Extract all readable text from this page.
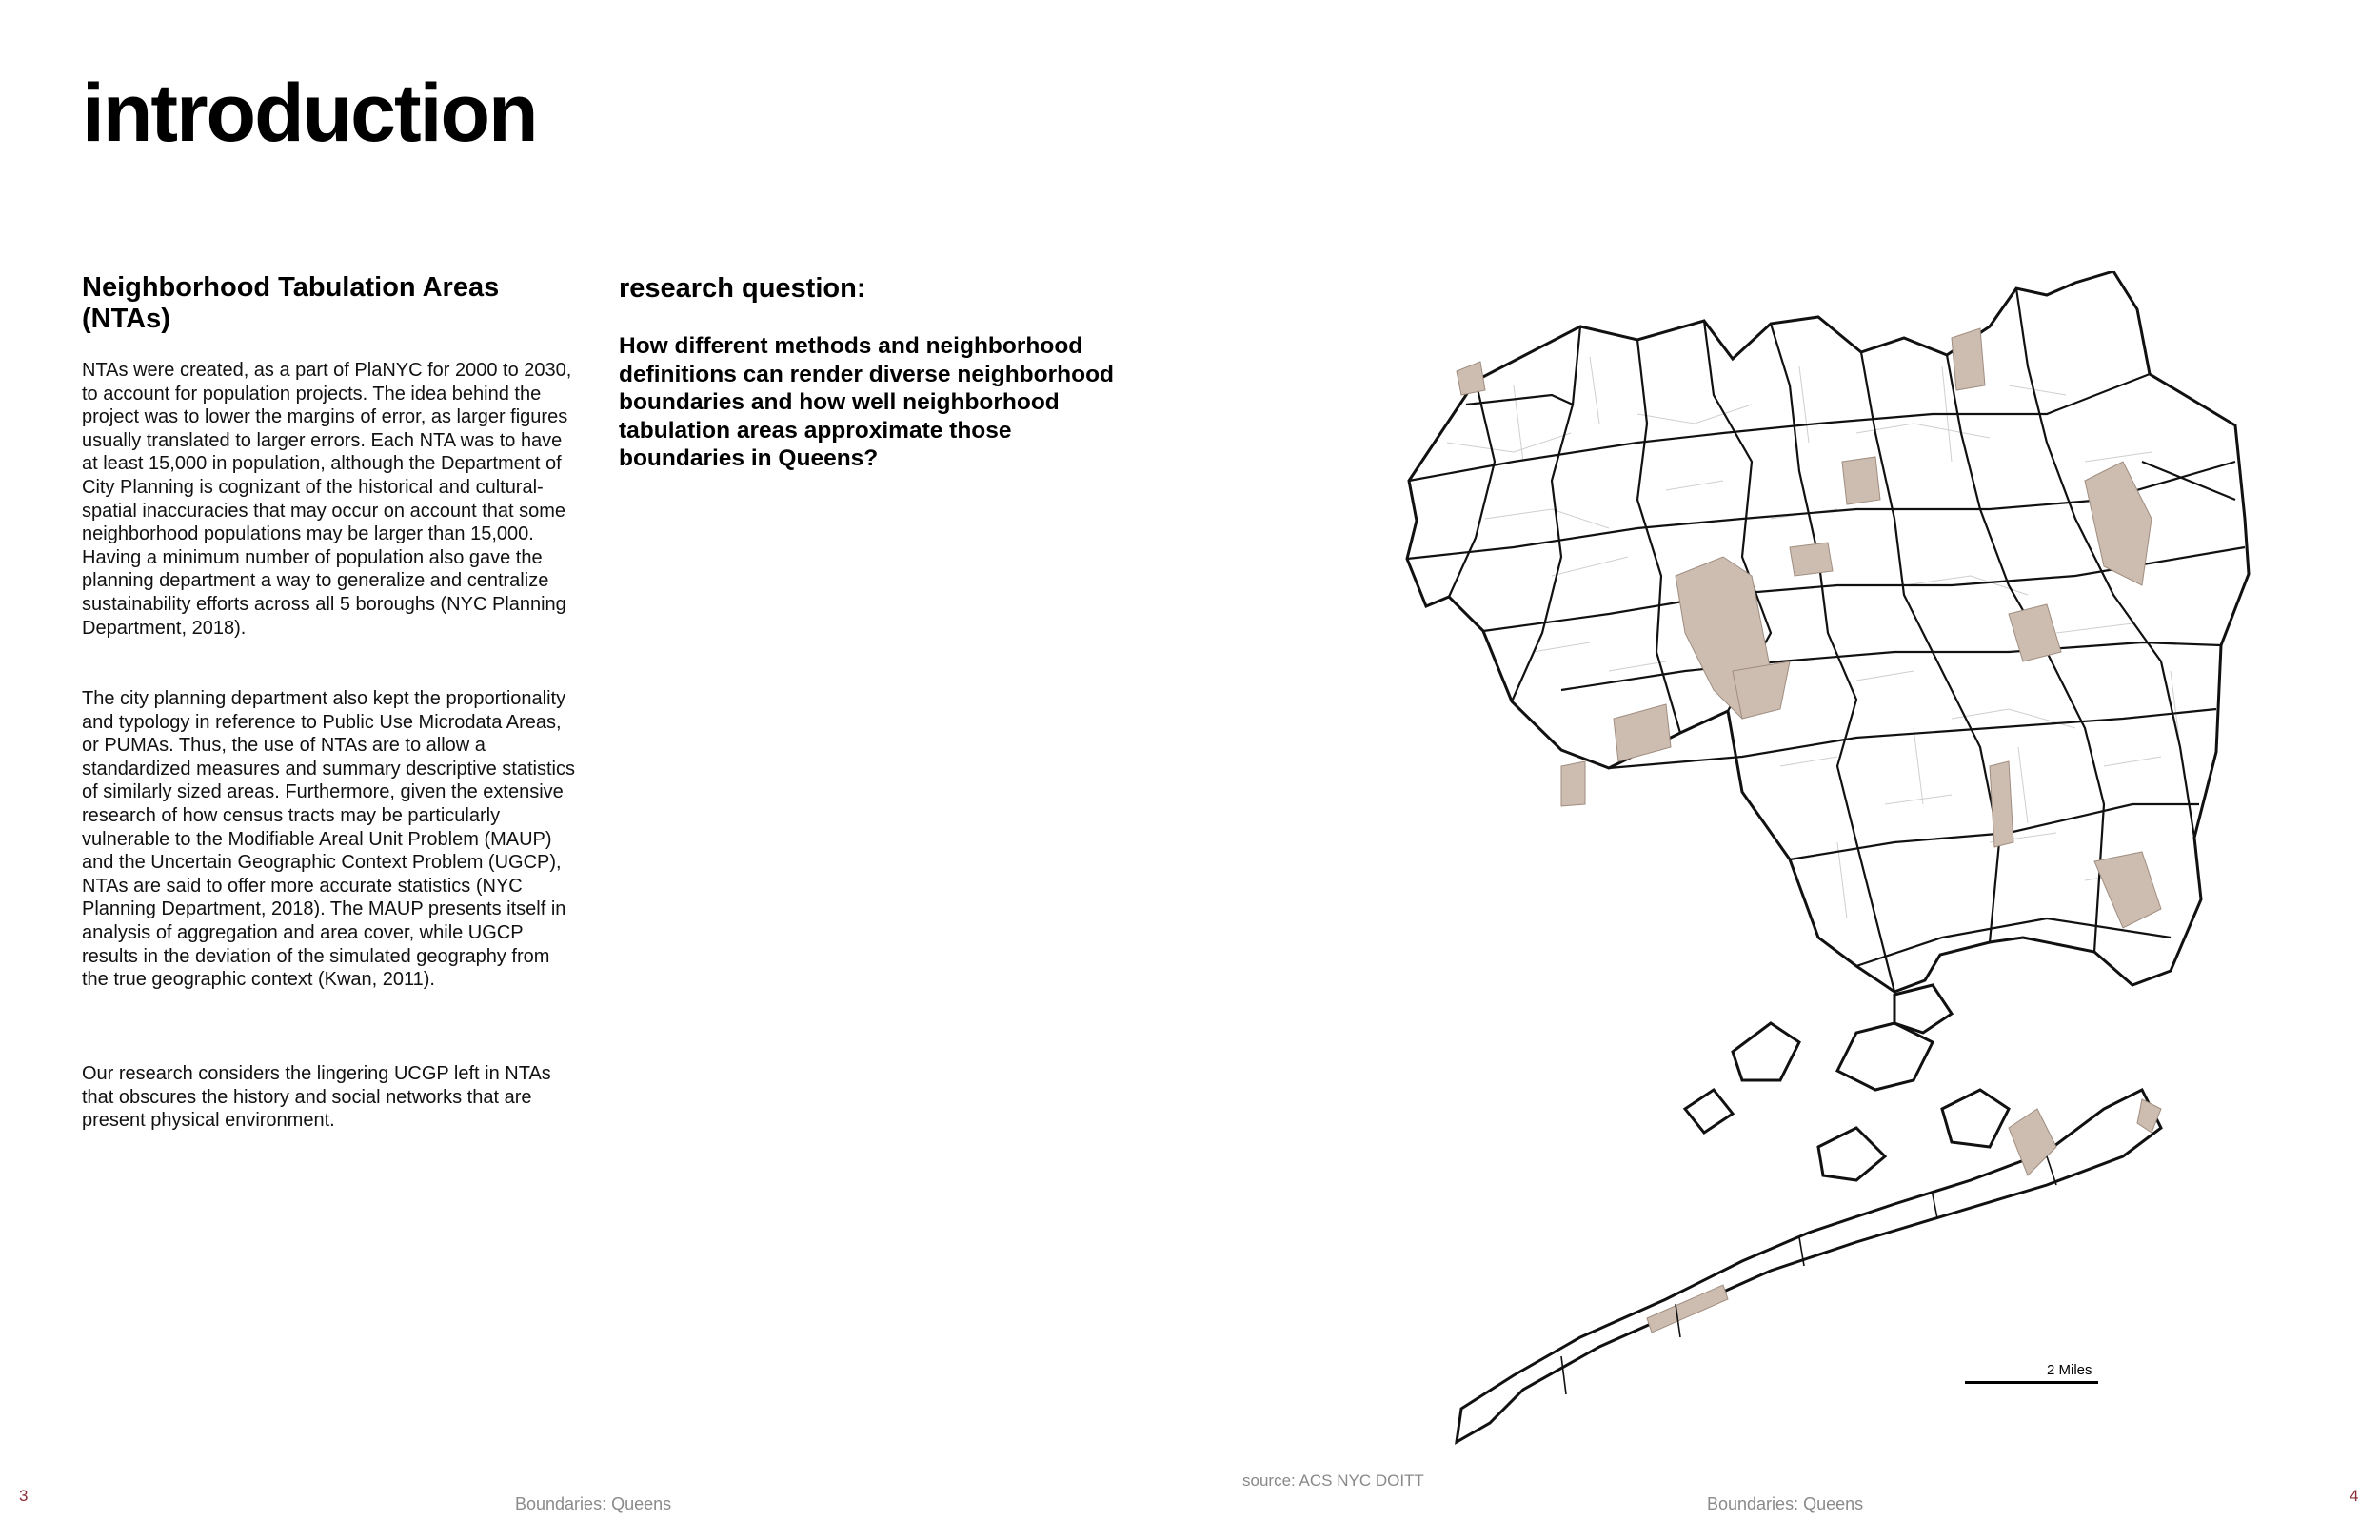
introduction
Neighborhood Tabulation Areas (NTAs)

NTAs were created, as a part of PlaNYC for 2000 to 2030, to account for population projects. The idea behind the project was to lower the margins of error, as larger figures usually translated to larger errors. Each NTA was to have at least 15,000 in population, although the Department of City Planning is cognizant of the historical and cultural-spatial inaccuracies that may occur on account that some neighborhood populations may be larger than 15,000. Having a minimum number of population also gave the planning department a way to generalize and centralize sustainability efforts across all 5 boroughs (NYC Planning Department, 2018).

The city planning department also kept the proportionality and typology in reference to Public Use Microdata Areas, or PUMAs. Thus, the use of NTAs are to allow a standardized measures and summary descriptive statistics of similarly sized areas. Furthermore, given the extensive research of how census tracts may be particularly vulnerable to the Modifiable Areal Unit Problem (MAUP) and the Uncertain Geographic Context Problem (UGCP), NTAs are said to offer more accurate statistics (NYC Planning Department, 2018). The MAUP presents itself in analysis of aggregation and area cover, while UGCP results in the deviation of the simulated geography from the true geographic context (Kwan, 2011).

Our research considers the lingering UCGP left in NTAs that obscures the history and social networks that are present physical environment.

research question:

How different methods and neighborhood definitions can render diverse neighborhood boundaries and how well neighborhood tabulation areas approximate those boundaries in Queens?

2 Miles
source: ACS NYC DOITT
Boundaries: Queens	Boundaries: Queens
3	4
